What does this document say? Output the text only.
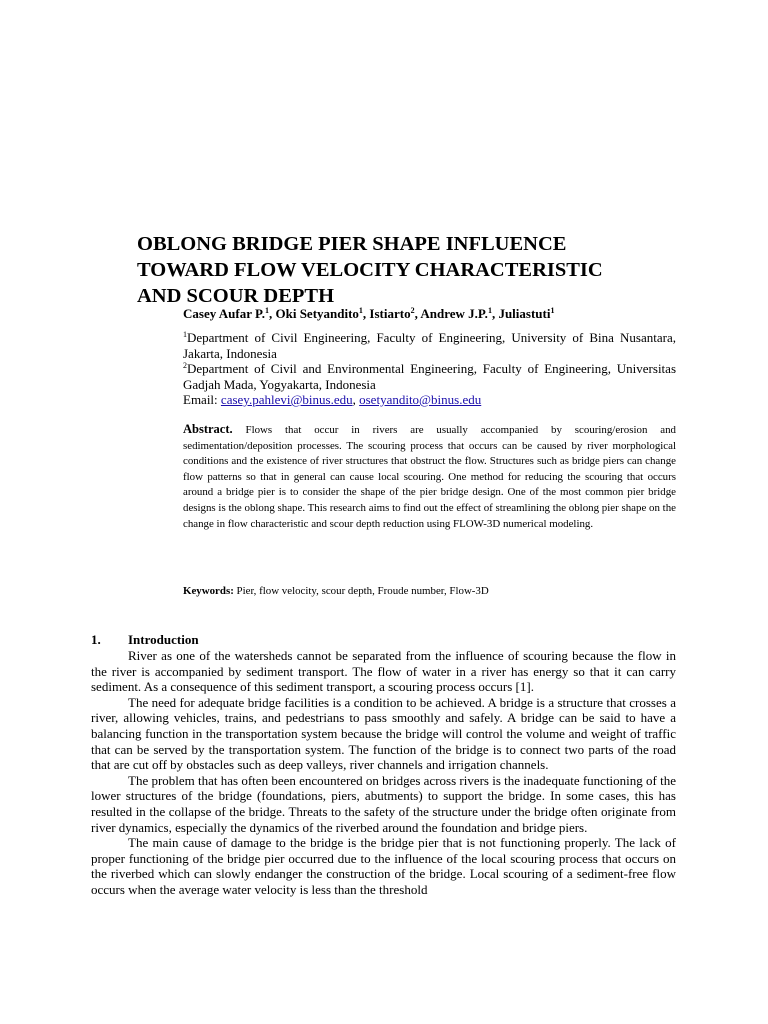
OBLONG BRIDGE PIER SHAPE INFLUENCE
TOWARD FLOW VELOCITY CHARACTERISTIC
AND SCOUR DEPTH
Casey Aufar P.$^1$, Oki Setyandito$^1$, Istiarto$^2$, Andrew J.P.$^1$, Juliastuti$^1$
$^1$Department of Civil Engineering, Faculty of Engineering, University of Bina Nusantara, Jakarta, Indonesia
$^2$Department of Civil and Environmental Engineering, Faculty of Engineering, Universitas Gadjah Mada, Yogyakarta, Indonesia
Email: casey.pahlevi@binus.edu, osetyandito@binus.edu

Abstract. Flows that occur in rivers are usually accompanied by scouring/erosion and sedimentation/deposition processes. The scouring process that occurs can be caused by river morphological conditions and the existence of river structures that obstruct the flow. Structures such as bridge piers can change flow patterns so that in general can cause local scouring. One method for reducing the scouring that occurs around a bridge pier is to consider the shape of the pier bridge design. One of the most common pier bridge designs is the oblong shape. This research aims to find out the effect of streamlining the oblong pier shape on the change in flow characteristic and scour depth reduction using FLOW-3D numerical modeling.

Keywords: Pier, flow velocity, scour depth, Froude number, Flow-3D
1. Introduction

River as one of the watersheds cannot be separated from the influence of scouring because the flow in the river is accompanied by sediment transport. The flow of water in a river has energy so that it can carry sediment. As a consequence of this sediment transport, a scouring process occurs [1].

The need for adequate bridge facilities is a condition to be achieved. A bridge is a structure that crosses a river, allowing vehicles, trains, and pedestrians to pass smoothly and safely. A bridge can be said to have a balancing function in the transportation system because the bridge will control the volume and weight of traffic that can be served by the transportation system. The function of the bridge is to connect two parts of the road that are cut off by obstacles such as deep valleys, river channels and irrigation channels.

The problem that has often been encountered on bridges across rivers is the inadequate functioning of the lower structures of the bridge (foundations, piers, abutments) to support the bridge. In some cases, this has resulted in the collapse of the bridge. Threats to the safety of the structure under the bridge often originate from river dynamics, especially the dynamics of the riverbed around the foundation and bridge piers.

The main cause of damage to the bridge is the bridge pier that is not functioning properly. The lack of proper functioning of the bridge pier occurred due to the influence of the local scouring process that occurs on the riverbed which can slowly endanger the construction of the bridge. Local scouring of a sediment-free flow occurs when the average water velocity is less than the threshold
